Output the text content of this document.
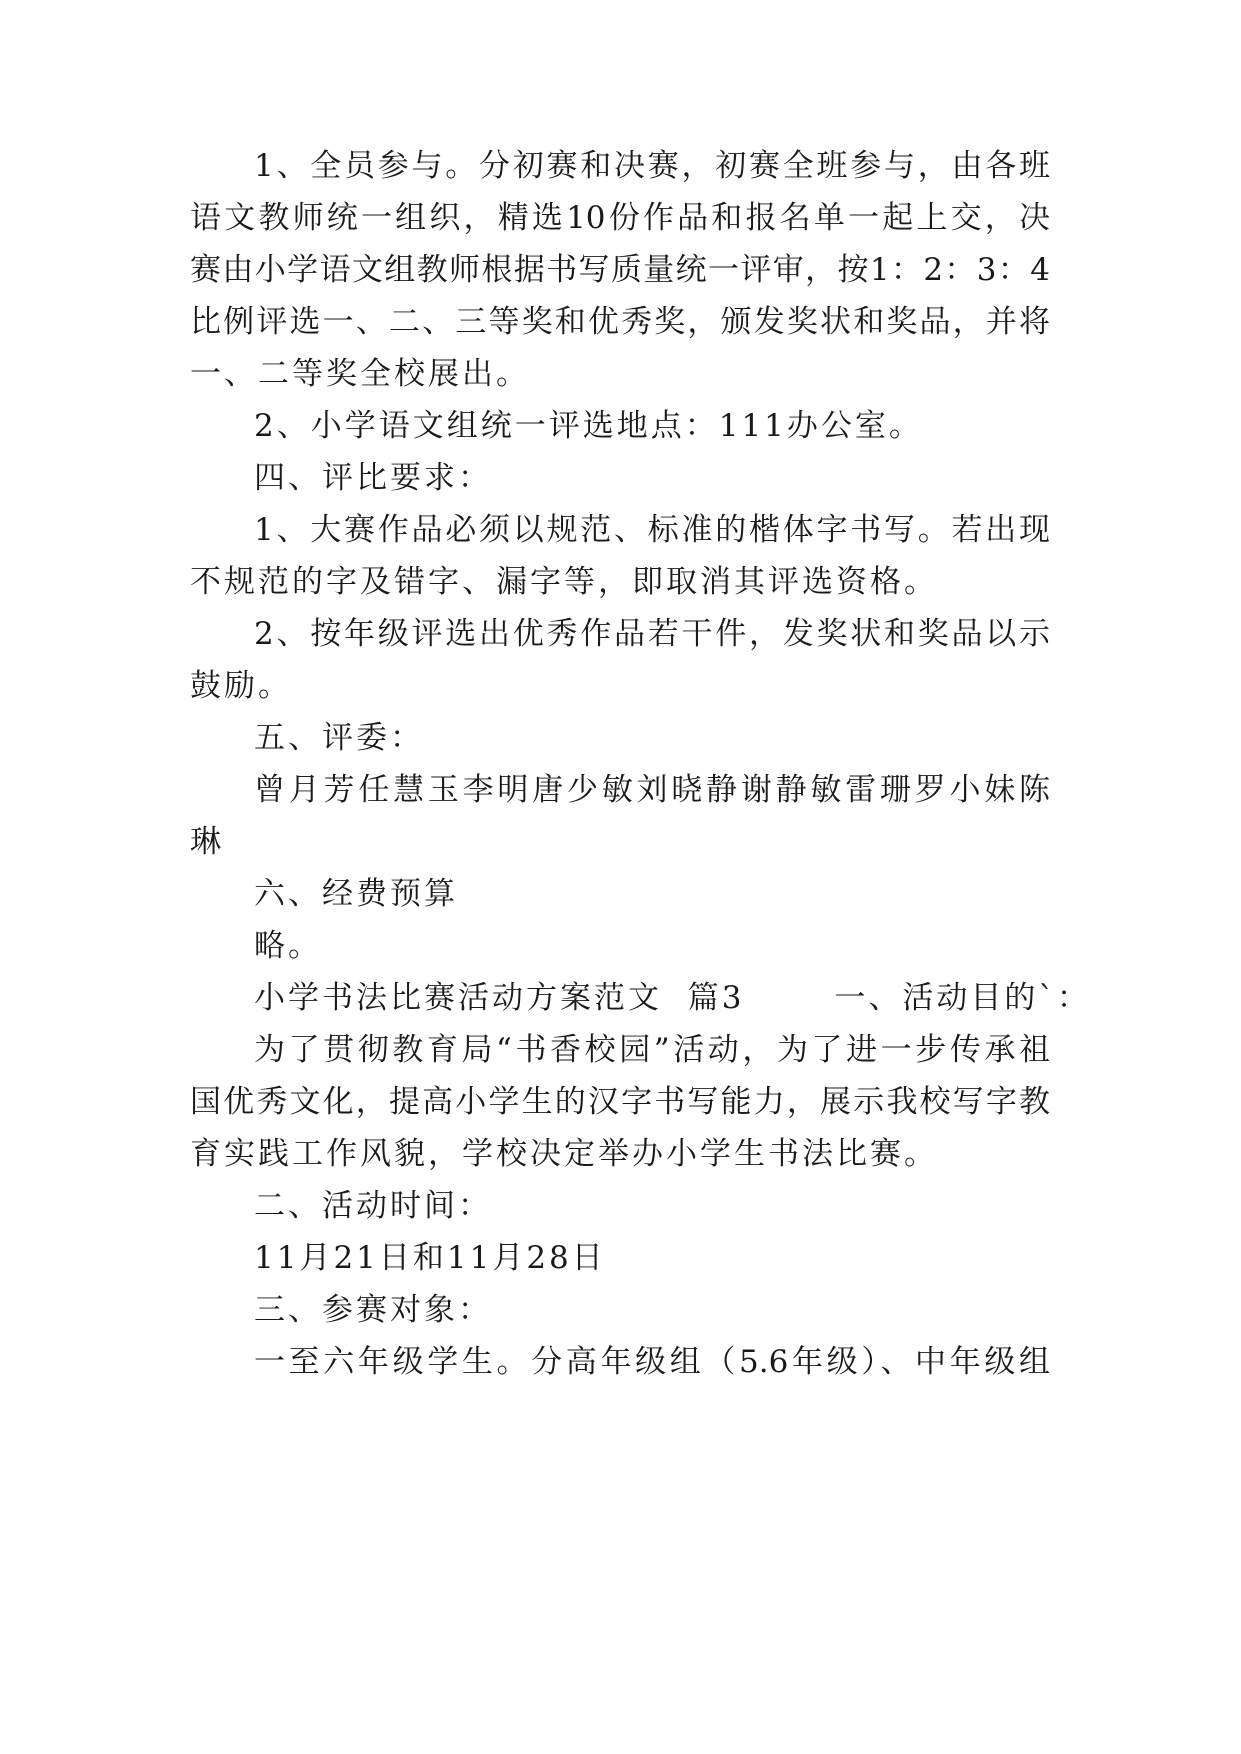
1、全员参与。分初赛和决赛，初赛全班参与，由各班
语文教师统一组织，精选10份作品和报名单一起上交，决
赛由小学语文组教师根据书写质量统一评审，按1：2：3：4
比例评选一、二、三等奖和优秀奖，颁发奖状和奖品，并将
一、二等奖全校展出。
2、小学语文组统一评选地点：111办公室。
四、评比要求：
1、大赛作品必须以规范、标准的楷体字书写。若出现
不规范的字及错字、漏字等，即取消其评选资格。
2、按年级评选出优秀作品若干件，发奖状和奖品以示
鼓励。
五、评委：
曾月芳任慧玉李明唐少敏刘晓静谢静敏雷珊罗小妹陈
琳
六、经费预算
略。
小学书法比赛活动方案范文  篇3       一、活动目的`：
为了贯彻教育局“书香校园”活动，为了进一步传承祖
国优秀文化，提高小学生的汉字书写能力，展示我校写字教
育实践工作风貌，学校决定举办小学生书法比赛。
二、活动时间：
11月21日和11月28日
三、参赛对象：
一至六年级学生。分高年级组（5.6年级）、中年级组
